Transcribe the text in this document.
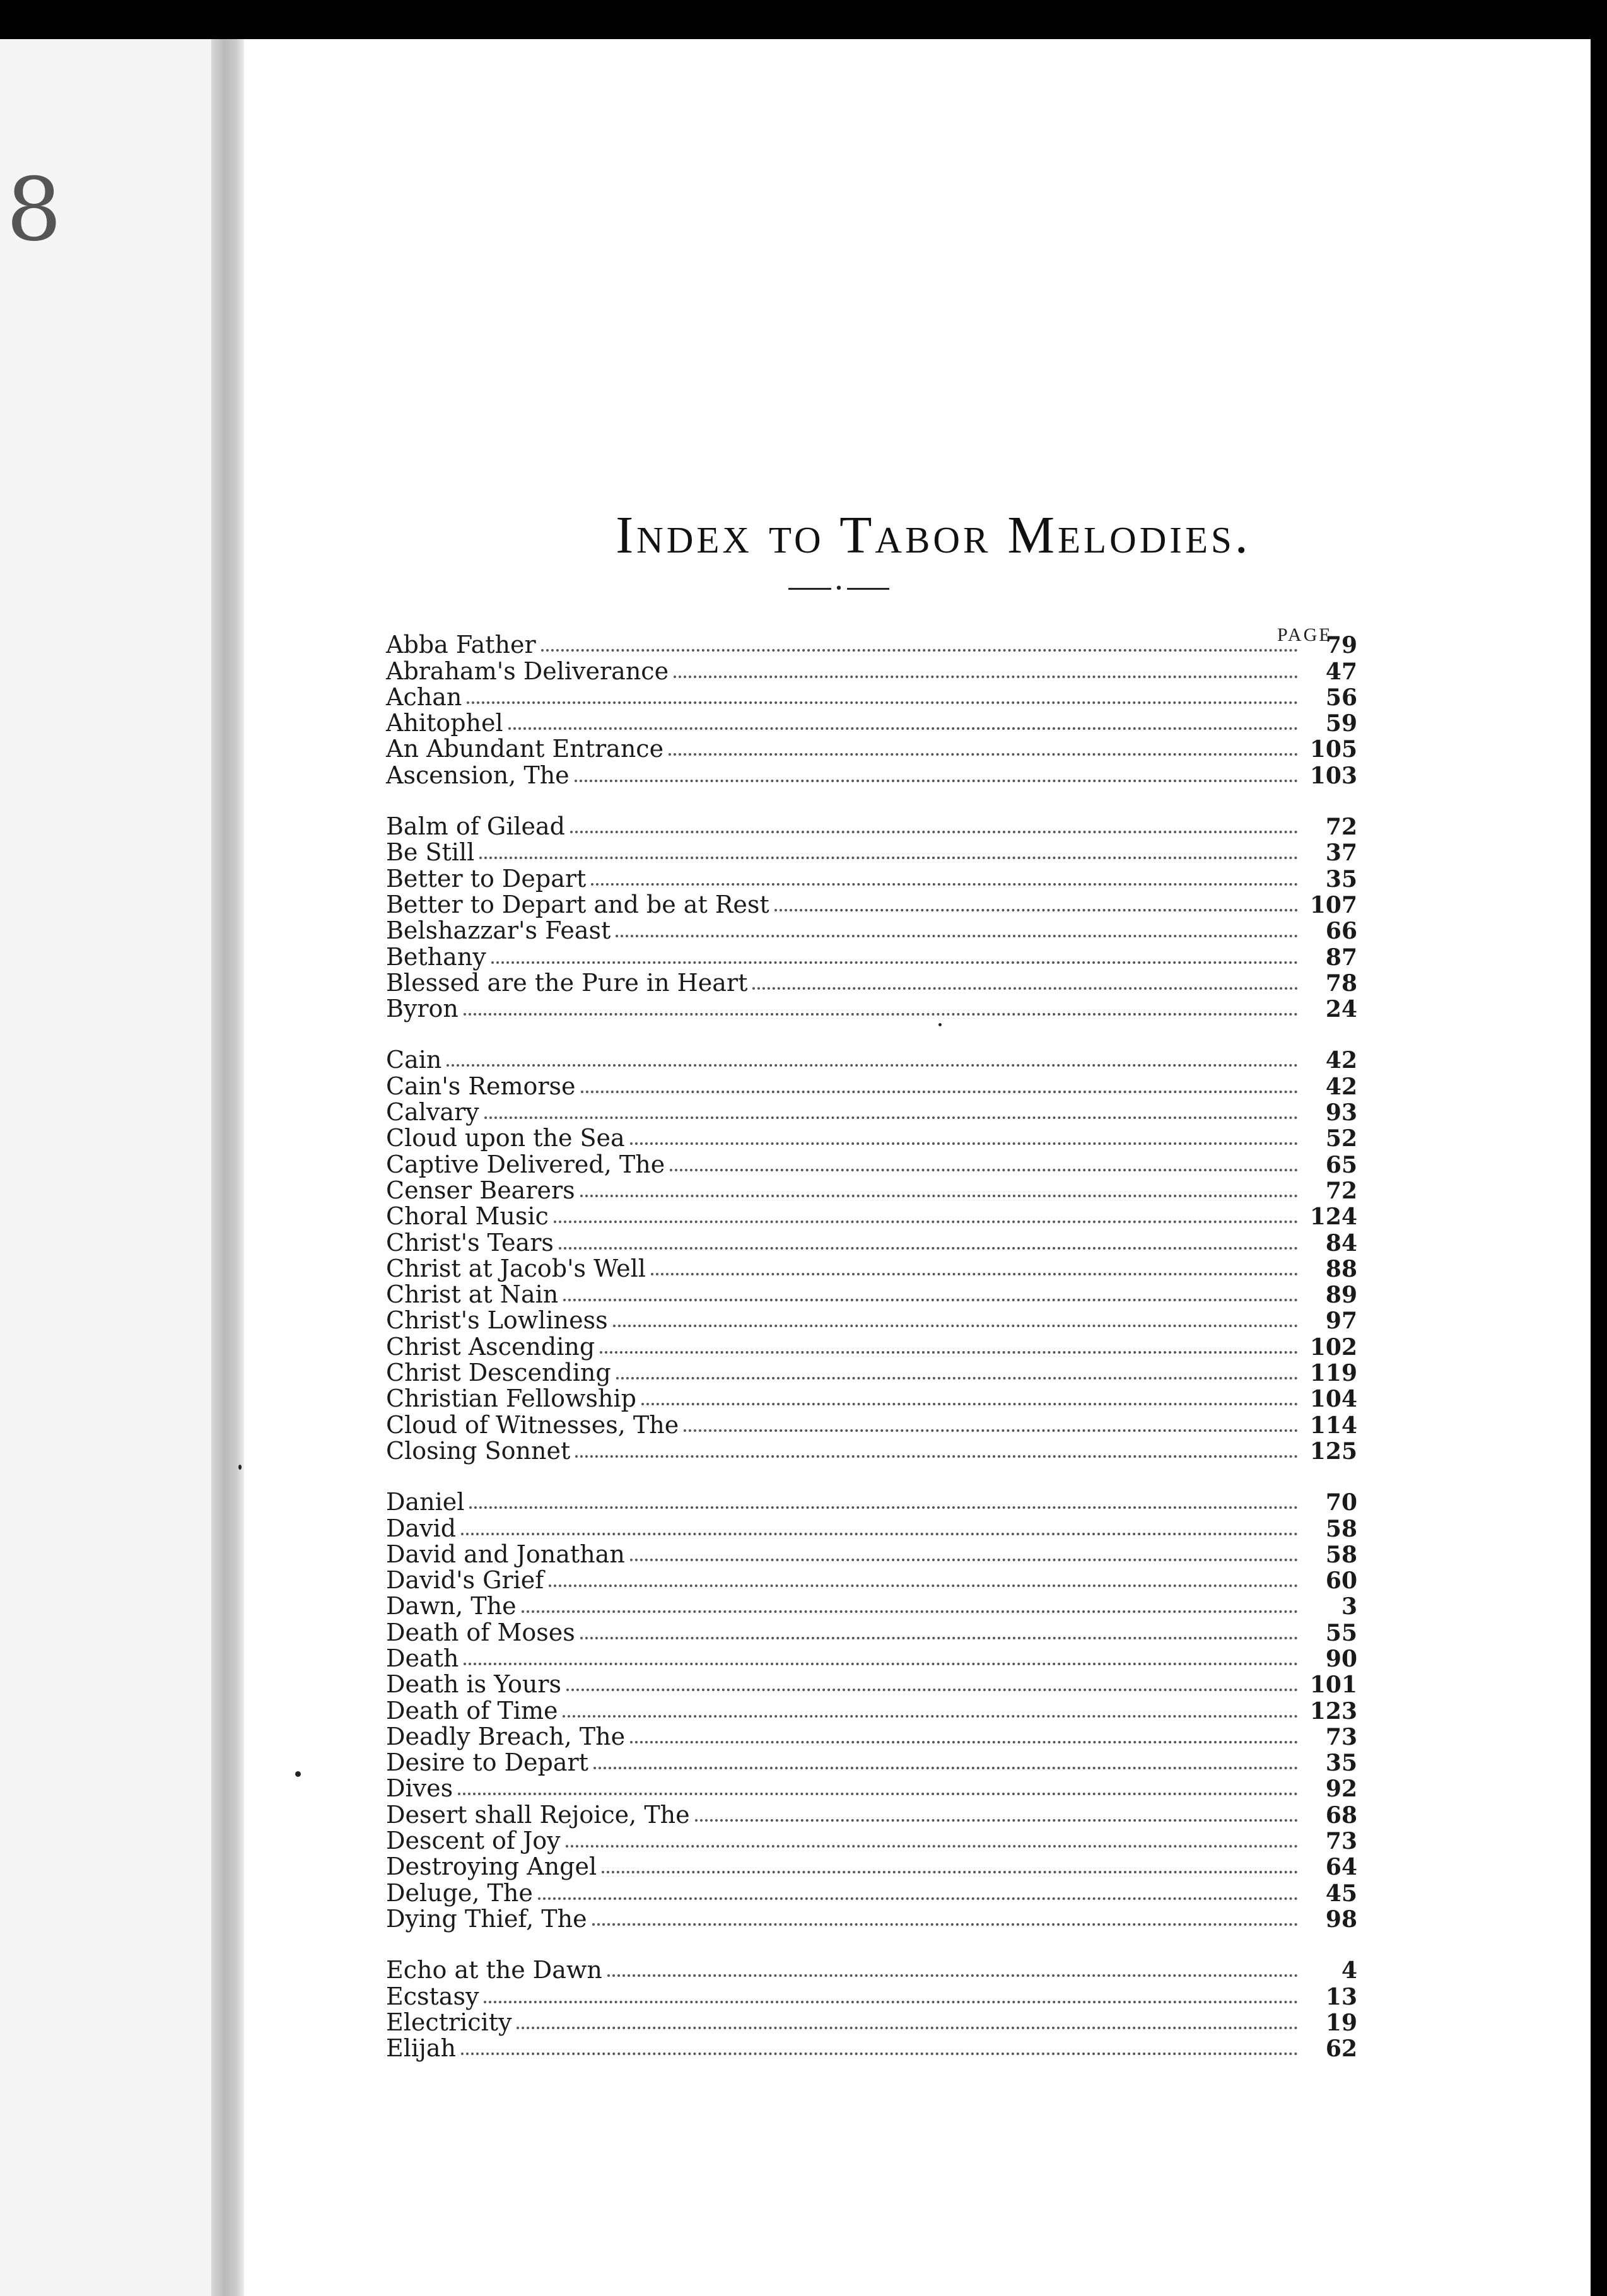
8
Index to Tabor Melodies.
•
PAGE
Abba Father	79
Abraham's Deliverance	47
Achan	56
Ahitophel	59
An Abundant Entrance	105
Ascension, The	103
Balm of Gilead	72
Be Still	37
Better to Depart	35
Better to Depart and be at Rest	107
Belshazzar's Feast	66
Bethany	87
Blessed are the Pure in Heart	78
Byron	24
Cain	42
Cain's Remorse	42
Calvary	93
Cloud upon the Sea	52
Captive Delivered, The	65
Censer Bearers	72
Choral Music	124
Christ's Tears	84
Christ at Jacob's Well	88
Christ at Nain	89
Christ's Lowliness	97
Christ Ascending	102
Christ Descending	119
Christian Fellowship	104
Cloud of Witnesses, The	114
Closing Sonnet	125
Daniel	70
David	58
David and Jonathan	58
David's Grief	60
Dawn, The	3
Death of Moses	55
Death	90
Death is Yours	101
Death of Time	123
Deadly Breach, The	73
Desire to Depart	35
Dives	92
Desert shall Rejoice, The	68
Descent of Joy	73
Destroying Angel	64
Deluge, The	45
Dying Thief, The	98
Echo at the Dawn	4
Ecstasy	13
Electricity	19
Elijah	62
